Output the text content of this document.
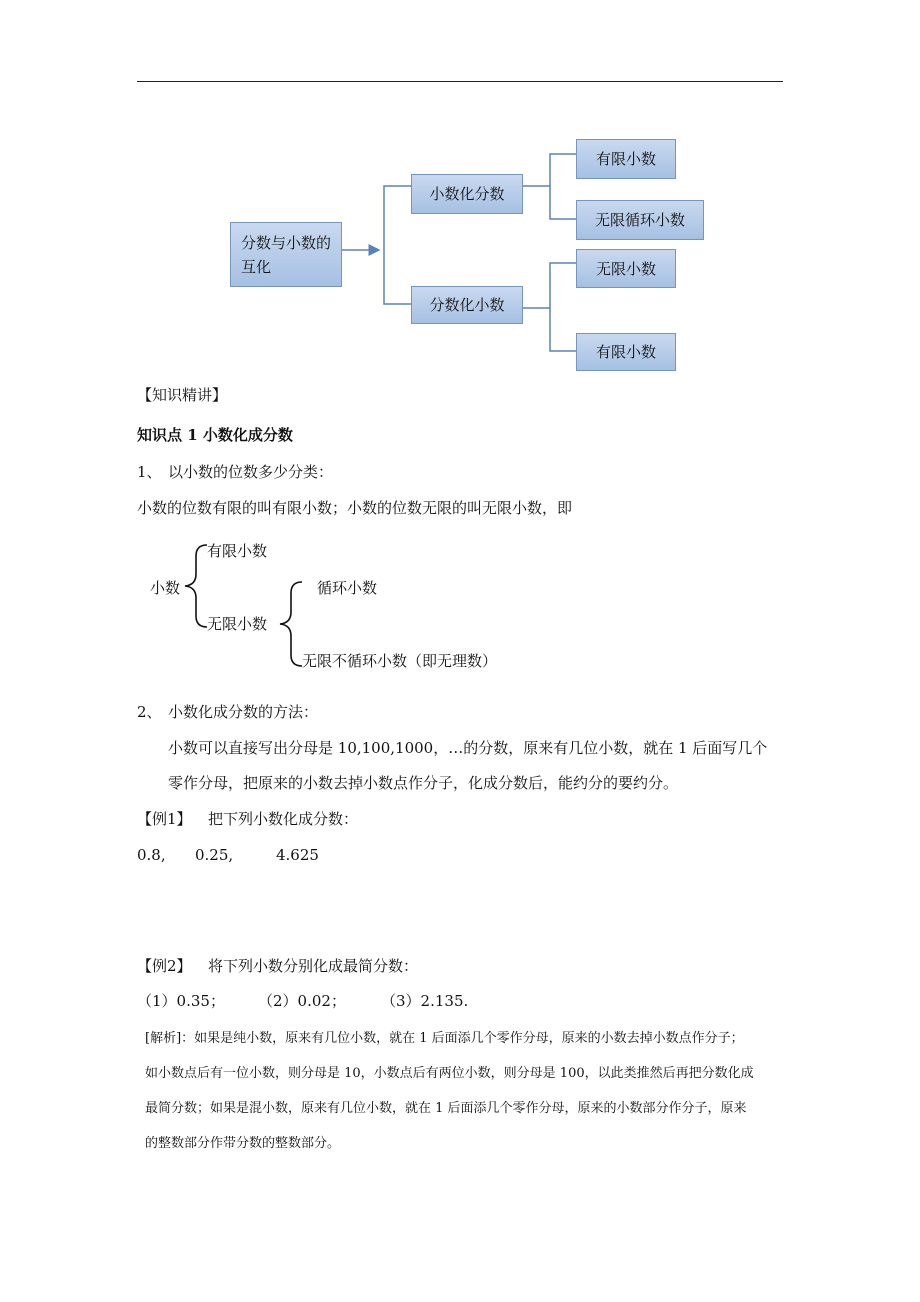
分数与小数的互化
小数化分数
分数化小数
有限小数
无限循环小数
无限小数
有限小数
【知识精讲】
知识点 1 小数化成分数
1、 以小数的位数多少分类：
小数的位数有限的叫有限小数；小数的位数无限的叫无限小数，即
小数
有限小数
无限小数
循环小数
无限不循环小数（即无理数）
2、 小数化成分数的方法：
小数可以直接写出分母是 10,100,1000，…的分数，原来有几位小数，就在 1 后面写几个
零作分母，把原来的小数去掉小数点作分子，化成分数后，能约分的要约分。
【例1】 把下列小数化成分数：
0.8, 0.25,	4.625
【例2】 将下列小数分别化成最简分数：
（1）0.35； （2）0.02； （3）2.135.
[解析]：如果是纯小数，原来有几位小数，就在 1 后面添几个零作分母，原来的小数去掉小数点作分子；
如小数点后有一位小数，则分母是 10，小数点后有两位小数，则分母是 100，以此类推然后再把分数化成
最简分数；如果是混小数，原来有几位小数，就在 1 后面添几个零作分母，原来的小数部分作分子，原来
的整数部分作带分数的整数部分。
